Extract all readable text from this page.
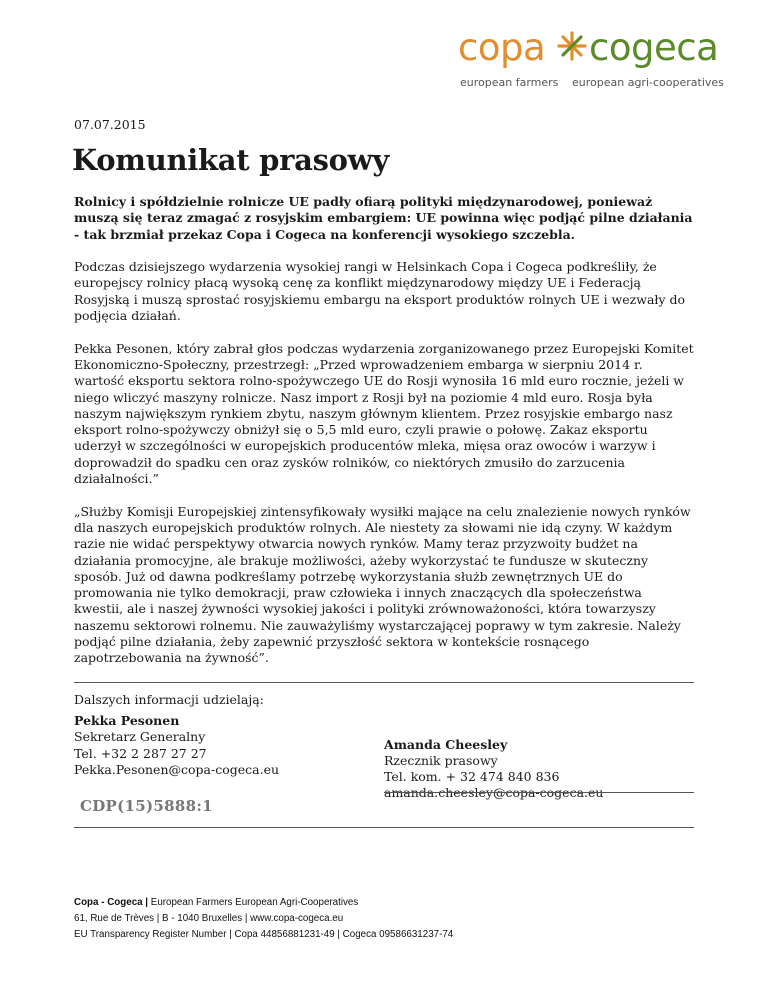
copa cogeca
european farmers european agri-cooperatives
07.07.2015
Komunikat prasowy

Rolnicy i spółdzielnie rolnicze UE padły ofiarą polityki międzynarodowej, ponieważ muszą się teraz zmagać z rosyjskim embargiem: UE powinna więc podjąć pilne działania - tak brzmiał przekaz Copa i Cogeca na konferencji wysokiego szczebla.

Podczas dzisiejszego wydarzenia wysokiej rangi w Helsinkach Copa i Cogeca podkreśliły, że europejscy rolnicy płacą wysoką cenę za konflikt międzynarodowy między UE i Federacją Rosyjską i muszą sprostać rosyjskiemu embargu na eksport produktów rolnych UE i wezwały do podjęcia działań.

Pekka Pesonen, który zabrał głos podczas wydarzenia zorganizowanego przez Europejski Komitet Ekonomiczno-Społeczny, przestrzegł: „Przed wprowadzeniem embarga w sierpniu 2014 r. wartość eksportu sektora rolno-spożywczego UE do Rosji wynosiła 16 mld euro rocznie, jeżeli w niego wliczyć maszyny rolnicze. Nasz import z Rosji był na poziomie 4 mld euro. Rosja była naszym największym rynkiem zbytu, naszym głównym klientem. Przez rosyjskie embargo nasz eksport rolno-spożywczy obniżył się o 5,5 mld euro, czyli prawie o połowę. Zakaz eksportu uderzył w szczególności w europejskich producentów mleka, mięsa oraz owoców i warzyw i doprowadził do spadku cen oraz zysków rolników, co niektórych zmusiło do zarzucenia działalności.”

„Służby Komisji Europejskiej zintensyfikowały wysiłki mające na celu znalezienie nowych rynków dla naszych europejskich produktów rolnych. Ale niestety za słowami nie idą czyny. W każdym razie nie widać perspektywy otwarcia nowych rynków. Mamy teraz przyzwoity budżet na działania promocyjne, ale brakuje możliwości, ażeby wykorzystać te fundusze w skuteczny sposób. Już od dawna podkreślamy potrzebę wykorzystania służb zewnętrznych UE do promowania nie tylko demokracji, praw człowieka i innych znaczących dla społeczeństwa kwestii, ale i naszej żywności wysokiej jakości i polityki zrównoważoności, która towarzyszy naszemu sektorowi rolnemu. Nie zauważyliśmy wystarczającej poprawy w tym zakresie. Należy podjąć pilne działania, żeby zapewnić przyszłość sektora w kontekście rosnącego zapotrzebowania na żywność”.

Dalszych informacji udzielają:
Pekka Pesonen
Sekretarz Generalny
Tel. +32 2 287 27 27
Pekka.Pesonen@copa-cogeca.eu
Amanda Cheesley
Rzecznik prasowy
Tel. kom. + 32 474 840 836
amanda.cheesley@copa-cogeca.eu
CDP(15)5888:1
Copa - Cogeca | European Farmers European Agri-Cooperatives
61, Rue de Trèves | B - 1040 Bruxelles | www.copa-cogeca.eu
EU Transparency Register Number | Copa 44856881231-49 | Cogeca 09586631237-74
